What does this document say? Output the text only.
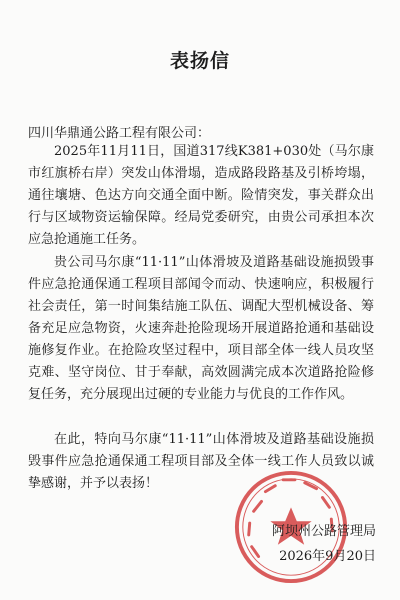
表扬信
四川华鼎通公路工程有限公司：

2025年11月11日，国道317线K381+030处（马尔康市红旗桥右岸）突发山体滑塌，造成路段路基及引桥垮塌，通往壤塘、色达方向交通全面中断。险情突发，事关群众出行与区域物资运输保障。经局党委研究，由贵公司承担本次应急抢通施工任务。

贵公司马尔康“11·11”山体滑坡及道路基础设施损毁事件应急抢通保通工程项目部闻令而动、快速响应，积极履行社会责任，第一时间集结施工队伍、调配大型机械设备、筹备充足应急物资，火速奔赴抢险现场开展道路抢通和基础设施修复作业。在抢险攻坚过程中，项目部全体一线人员攻坚克难、坚守岗位、甘于奉献，高效圆满完成本次道路抢险修复任务，充分展现出过硬的专业能力与优良的工作作风。

在此，特向马尔康“11·11”山体滑坡及道路基础设施损毁事件应急抢通保通工程项目部及全体一线工作人员致以诚挚感谢，并予以表扬！

阿坝州公路管理局
2026年9月20日
